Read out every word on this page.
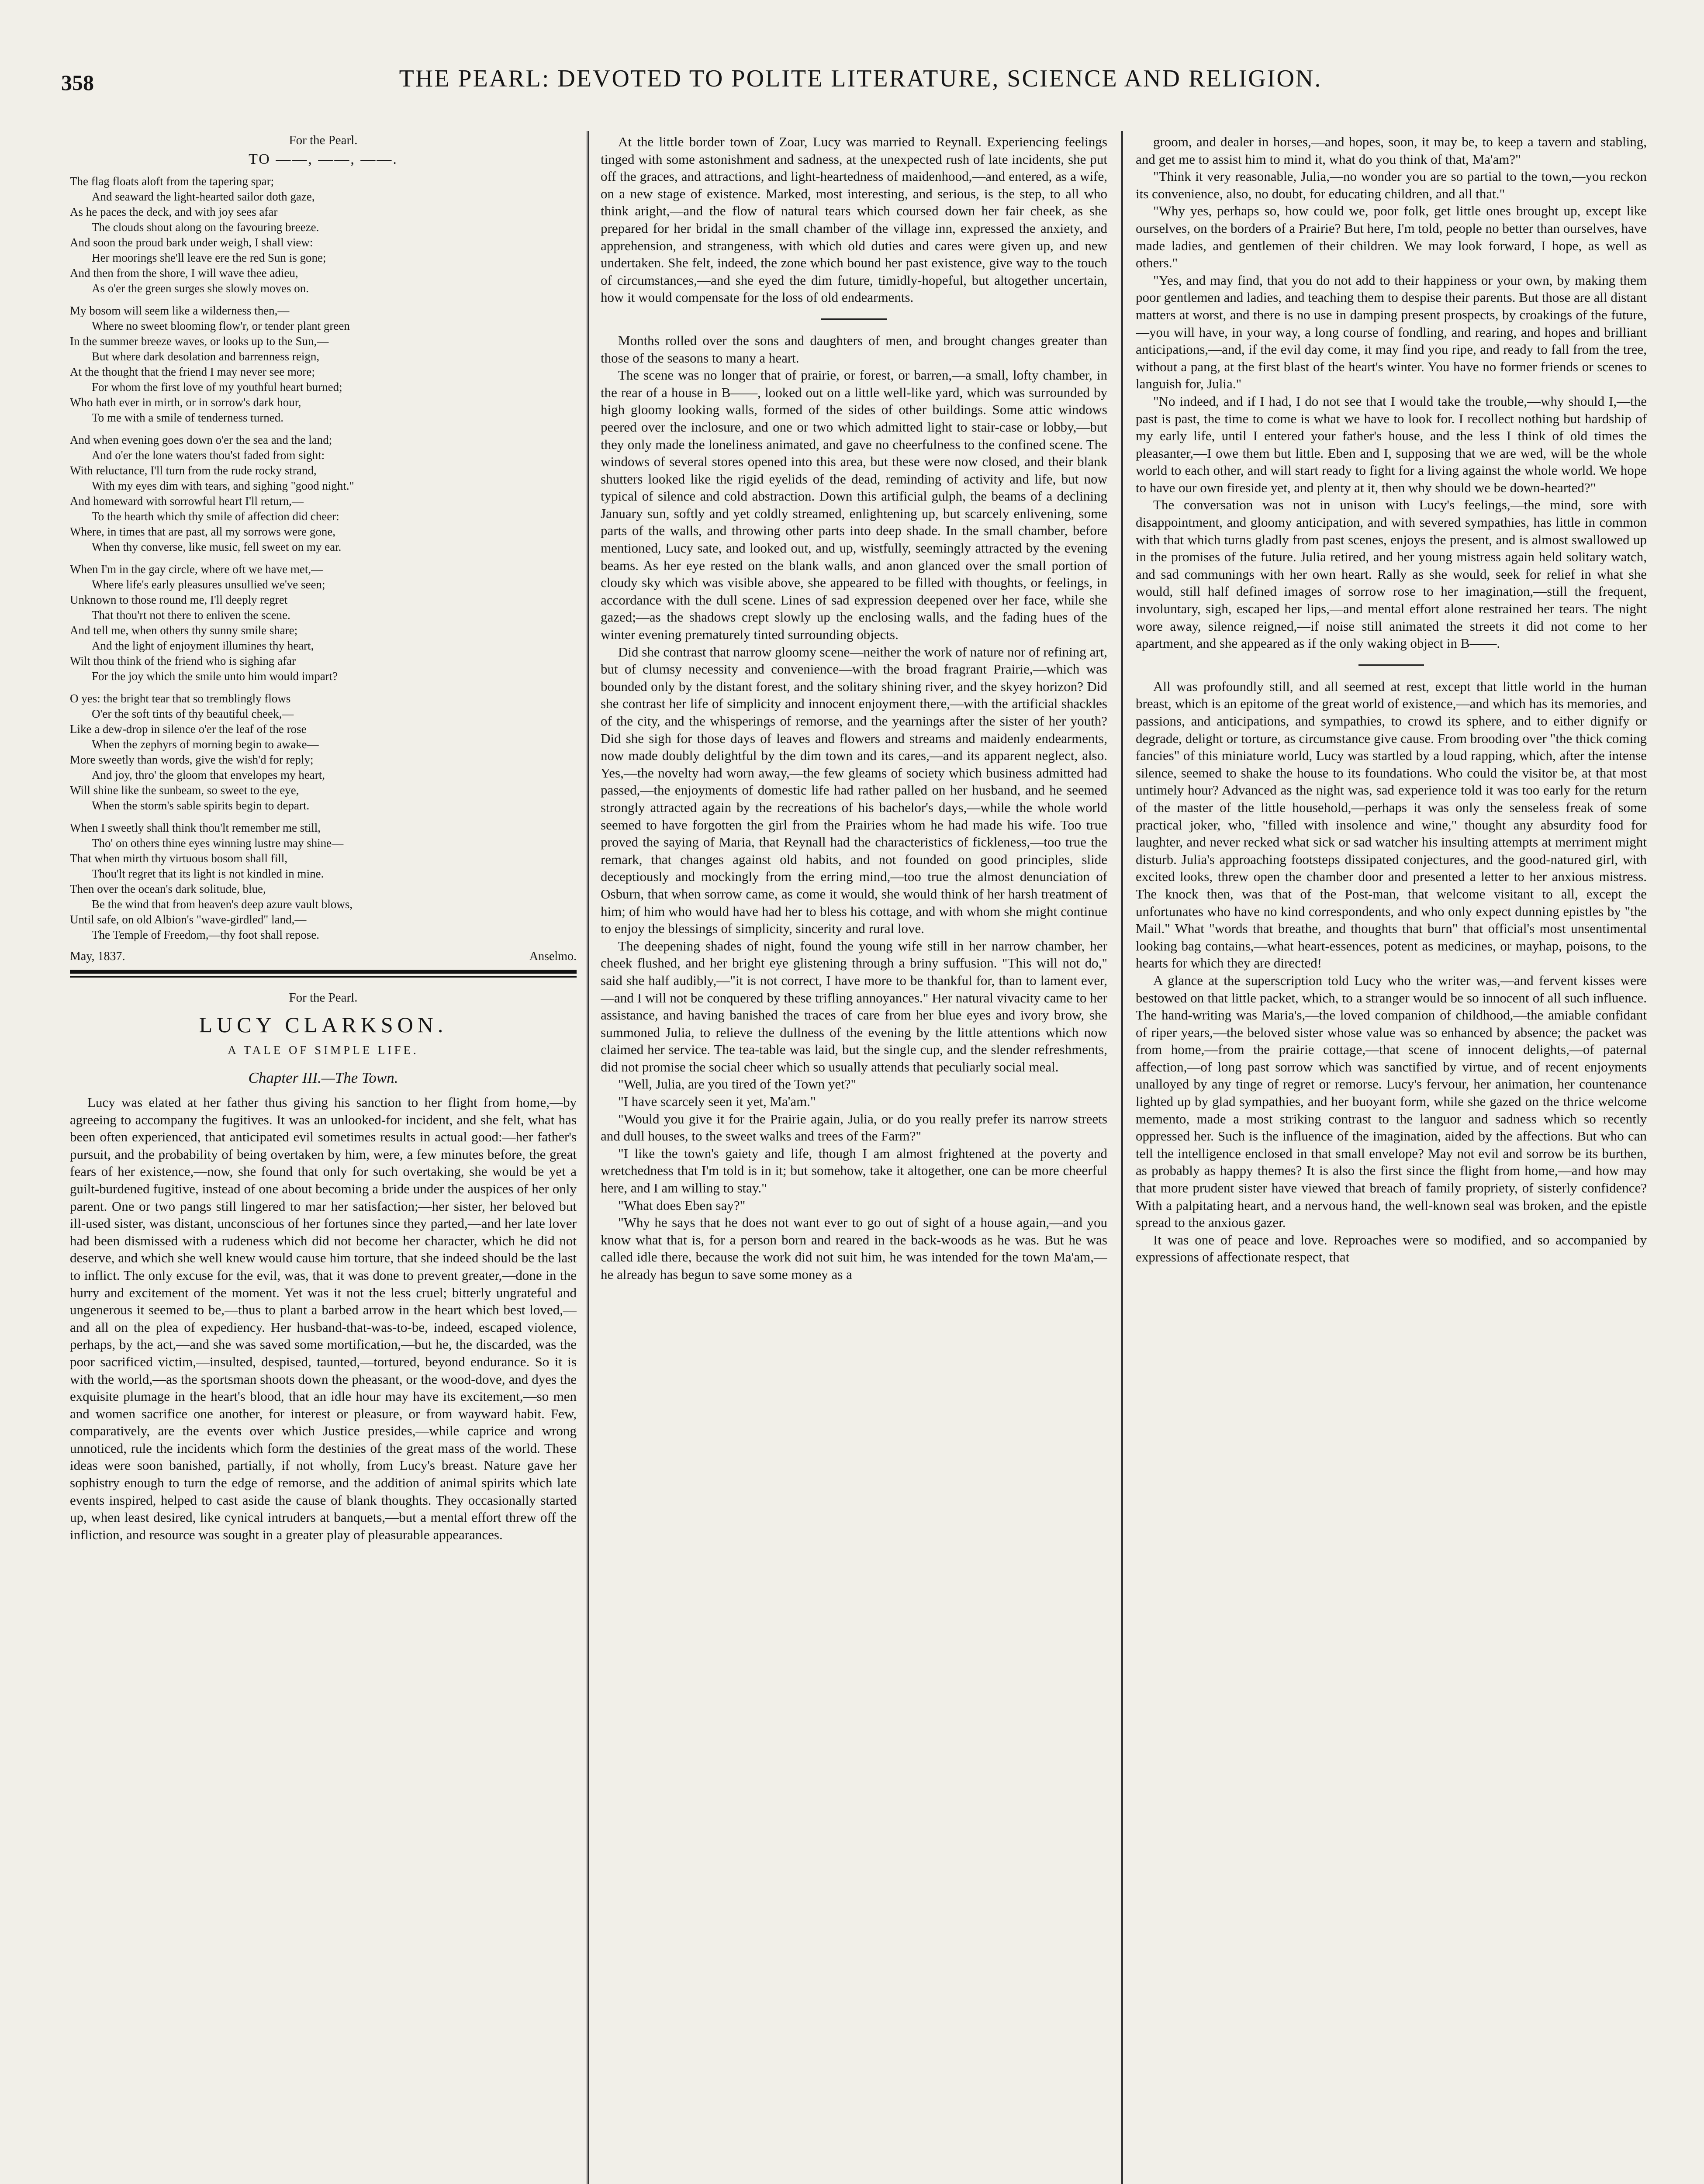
358	THE PEARL: DEVOTED TO POLITE LITERATURE, SCIENCE AND RELIGION.
For the Pearl.
TO ——, ——, ——.
The flag floats aloft from the tapering spar;
And seaward the light-hearted sailor doth gaze,
As he paces the deck, and with joy sees afar
The clouds shout along on the favouring breeze.
And soon the proud bark under weigh, I shall view:
Her moorings she'll leave ere the red Sun is gone;
And then from the shore, I will wave thee adieu,
As o'er the green surges she slowly moves on.
My bosom will seem like a wilderness then,—
Where no sweet blooming flow'r, or tender plant green
In the summer breeze waves, or looks up to the Sun,—
But where dark desolation and barrenness reign,
At the thought that the friend I may never see more;
For whom the first love of my youthful heart burned;
Who hath ever in mirth, or in sorrow's dark hour,
To me with a smile of tenderness turned.
And when evening goes down o'er the sea and the land;
And o'er the lone waters thou'st faded from sight:
With reluctance, I'll turn from the rude rocky strand,
With my eyes dim with tears, and sighing "good night."
And homeward with sorrowful heart I'll return,—
To the hearth which thy smile of affection did cheer:
Where, in times that are past, all my sorrows were gone,
When thy converse, like music, fell sweet on my ear.
When I'm in the gay circle, where oft we have met,—
Where life's early pleasures unsullied we've seen;
Unknown to those round me, I'll deeply regret
That thou'rt not there to enliven the scene.
And tell me, when others thy sunny smile share;
And the light of enjoyment illumines thy heart,
Wilt thou think of the friend who is sighing afar
For the joy which the smile unto him would impart?
O yes: the bright tear that so tremblingly flows
O'er the soft tints of thy beautiful cheek,—
Like a dew-drop in silence o'er the leaf of the rose
When the zephyrs of morning begin to awake—
More sweetly than words, give the wish'd for reply;
And joy, thro' the gloom that envelopes my heart,
Will shine like the sunbeam, so sweet to the eye,
When the storm's sable spirits begin to depart.
When I sweetly shall think thou'lt remember me still,
Tho' on others thine eyes winning lustre may shine—
That when mirth thy virtuous bosom shall fill,
Thou'lt regret that its light is not kindled in mine.
Then over the ocean's dark solitude, blue,
Be the wind that from heaven's deep azure vault blows,
Until safe, on old Albion's "wave-girdled" land,—
The Temple of Freedom,—thy foot shall repose.
May, 1837.	Anselmo.
For the Pearl.
LUCY CLARKSON.
A TALE OF SIMPLE LIFE.
Chapter III.—The Town.

Lucy was elated at her father thus giving his sanction to her flight from home,—by agreeing to accompany the fugitives. It was an unlooked-for incident, and she felt, what has been often experienced, that anticipated evil sometimes results in actual good:—her father's pursuit, and the probability of being overtaken by him, were, a few minutes before, the great fears of her existence,—now, she found that only for such overtaking, she would be yet a guilt-burdened fugitive, instead of one about becoming a bride under the auspices of her only parent. One or two pangs still lingered to mar her satisfaction;—her sister, her beloved but ill-used sister, was distant, unconscious of her fortunes since they parted,—and her late lover had been dismissed with a rudeness which did not become her character, which he did not deserve, and which she well knew would cause him torture, that she indeed should be the last to inflict. The only excuse for the evil, was, that it was done to prevent greater,—done in the hurry and excitement of the moment. Yet was it not the less cruel; bitterly ungrateful and ungenerous it seemed to be,—thus to plant a barbed arrow in the heart which best loved,—and all on the plea of expediency. Her husband-that-was-to-be, indeed, escaped violence, perhaps, by the act,—and she was saved some mortification,—but he, the discarded, was the poor sacrificed victim,—insulted, despised, taunted,—tortured, beyond endurance. So it is with the world,—as the sportsman shoots down the pheasant, or the wood-dove, and dyes the exquisite plumage in the heart's blood, that an idle hour may have its excitement,—so men and women sacrifice one another, for interest or pleasure, or from wayward habit. Few, comparatively, are the events over which Justice presides,—while caprice and wrong unnoticed, rule the incidents which form the destinies of the great mass of the world. These ideas were soon banished, partially, if not wholly, from Lucy's breast. Nature gave her sophistry enough to turn the edge of remorse, and the addition of animal spirits which late events inspired, helped to cast aside the cause of blank thoughts. They occasionally started up, when least desired, like cynical intruders at banquets,—but a mental effort threw off the infliction, and resource was sought in a greater play of pleasurable appearances.

At the little border town of Zoar, Lucy was married to Reynall. Experiencing feelings tinged with some astonishment and sadness, at the unexpected rush of late incidents, she put off the graces, and attractions, and light-heartedness of maidenhood,—and entered, as a wife, on a new stage of existence. Marked, most interesting, and serious, is the step, to all who think aright,—and the flow of natural tears which coursed down her fair cheek, as she prepared for her bridal in the small chamber of the village inn, expressed the anxiety, and apprehension, and strangeness, with which old duties and cares were given up, and new undertaken. She felt, indeed, the zone which bound her past existence, give way to the touch of circumstances,—and she eyed the dim future, timidly-hopeful, but altogether uncertain, how it would compensate for the loss of old endearments.

Months rolled over the sons and daughters of men, and brought changes greater than those of the seasons to many a heart.

The scene was no longer that of prairie, or forest, or barren,—a small, lofty chamber, in the rear of a house in B——, looked out on a little well-like yard, which was surrounded by high gloomy looking walls, formed of the sides of other buildings. Some attic windows peered over the inclosure, and one or two which admitted light to stair-case or lobby,—but they only made the loneliness animated, and gave no cheerfulness to the confined scene. The windows of several stores opened into this area, but these were now closed, and their blank shutters looked like the rigid eyelids of the dead, reminding of activity and life, but now typical of silence and cold abstraction. Down this artificial gulph, the beams of a declining January sun, softly and yet coldly streamed, enlightening up, but scarcely enlivening, some parts of the walls, and throwing other parts into deep shade. In the small chamber, before mentioned, Lucy sate, and looked out, and up, wistfully, seemingly attracted by the evening beams. As her eye rested on the blank walls, and anon glanced over the small portion of cloudy sky which was visible above, she appeared to be filled with thoughts, or feelings, in accordance with the dull scene. Lines of sad expression deepened over her face, while she gazed;—as the shadows crept slowly up the enclosing walls, and the fading hues of the winter evening prematurely tinted surrounding objects.

Did she contrast that narrow gloomy scene—neither the work of nature nor of refining art, but of clumsy necessity and convenience—with the broad fragrant Prairie,—which was bounded only by the distant forest, and the solitary shining river, and the skyey horizon? Did she contrast her life of simplicity and innocent enjoyment there,—with the artificial shackles of the city, and the whisperings of remorse, and the yearnings after the sister of her youth? Did she sigh for those days of leaves and flowers and streams and maidenly endearments, now made doubly delightful by the dim town and its cares,—and its apparent neglect, also. Yes,—the novelty had worn away,—the few gleams of society which business admitted had passed,—the enjoyments of domestic life had rather palled on her husband, and he seemed strongly attracted again by the recreations of his bachelor's days,—while the whole world seemed to have forgotten the girl from the Prairies whom he had made his wife. Too true proved the saying of Maria, that Reynall had the characteristics of fickleness,—too true the remark, that changes against old habits, and not founded on good principles, slide deceptiously and mockingly from the erring mind,—too true the almost denunciation of Osburn, that when sorrow came, as come it would, she would think of her harsh treatment of him; of him who would have had her to bless his cottage, and with whom she might continue to enjoy the blessings of simplicity, sincerity and rural love.

The deepening shades of night, found the young wife still in her narrow chamber, her cheek flushed, and her bright eye glistening through a briny suffusion. "This will not do," said she half audibly,—"it is not correct, I have more to be thankful for, than to lament ever,—and I will not be conquered by these trifling annoyances." Her natural vivacity came to her assistance, and having banished the traces of care from her blue eyes and ivory brow, she summoned Julia, to relieve the dullness of the evening by the little attentions which now claimed her service. The tea-table was laid, but the single cup, and the slender refreshments, did not promise the social cheer which so usually attends that peculiarly social meal.

"Well, Julia, are you tired of the Town yet?"

"I have scarcely seen it yet, Ma'am."

"Would you give it for the Prairie again, Julia, or do you really prefer its narrow streets and dull houses, to the sweet walks and trees of the Farm?"

"I like the town's gaiety and life, though I am almost frightened at the poverty and wretchedness that I'm told is in it; but somehow, take it altogether, one can be more cheerful here, and I am willing to stay."

"What does Eben say?"

"Why he says that he does not want ever to go out of sight of a house again,—and you know what that is, for a person born and reared in the back-woods as he was. But he was called idle there, because the work did not suit him, he was intended for the town Ma'am,—he already has begun to save some money as a

groom, and dealer in horses,—and hopes, soon, it may be, to keep a tavern and stabling, and get me to assist him to mind it, what do you think of that, Ma'am?"

"Think it very reasonable, Julia,—no wonder you are so partial to the town,—you reckon its convenience, also, no doubt, for educating children, and all that."

"Why yes, perhaps so, how could we, poor folk, get little ones brought up, except like ourselves, on the borders of a Prairie? But here, I'm told, people no better than ourselves, have made ladies, and gentlemen of their children. We may look forward, I hope, as well as others."

"Yes, and may find, that you do not add to their happiness or your own, by making them poor gentlemen and ladies, and teaching them to despise their parents. But those are all distant matters at worst, and there is no use in damping present prospects, by croakings of the future,—you will have, in your way, a long course of fondling, and rearing, and hopes and brilliant anticipations,—and, if the evil day come, it may find you ripe, and ready to fall from the tree, without a pang, at the first blast of the heart's winter. You have no former friends or scenes to languish for, Julia."

"No indeed, and if I had, I do not see that I would take the trouble,—why should I,—the past is past, the time to come is what we have to look for. I recollect nothing but hardship of my early life, until I entered your father's house, and the less I think of old times the pleasanter,—I owe them but little. Eben and I, supposing that we are wed, will be the whole world to each other, and will start ready to fight for a living against the whole world. We hope to have our own fireside yet, and plenty at it, then why should we be down-hearted?"

The conversation was not in unison with Lucy's feelings,—the mind, sore with disappointment, and gloomy anticipation, and with severed sympathies, has little in common with that which turns gladly from past scenes, enjoys the present, and is almost swallowed up in the promises of the future. Julia retired, and her young mistress again held solitary watch, and sad communings with her own heart. Rally as she would, seek for relief in what she would, still half defined images of sorrow rose to her imagination,—still the frequent, involuntary, sigh, escaped her lips,—and mental effort alone restrained her tears. The night wore away, silence reigned,—if noise still animated the streets it did not come to her apartment, and she appeared as if the only waking object in B——.

All was profoundly still, and all seemed at rest, except that little world in the human breast, which is an epitome of the great world of existence,—and which has its memories, and passions, and anticipations, and sympathies, to crowd its sphere, and to either dignify or degrade, delight or torture, as circumstance give cause. From brooding over "the thick coming fancies" of this miniature world, Lucy was startled by a loud rapping, which, after the intense silence, seemed to shake the house to its foundations. Who could the visitor be, at that most untimely hour? Advanced as the night was, sad experience told it was too early for the return of the master of the little household,—perhaps it was only the senseless freak of some practical joker, who, "filled with insolence and wine," thought any absurdity food for laughter, and never recked what sick or sad watcher his insulting attempts at merriment might disturb. Julia's approaching footsteps dissipated conjectures, and the good-natured girl, with excited looks, threw open the chamber door and presented a letter to her anxious mistress. The knock then, was that of the Post-man, that welcome visitant to all, except the unfortunates who have no kind correspondents, and who only expect dunning epistles by "the Mail." What "words that breathe, and thoughts that burn" that official's most unsentimental looking bag contains,—what heart-essences, potent as medicines, or mayhap, poisons, to the hearts for which they are directed!

A glance at the superscription told Lucy who the writer was,—and fervent kisses were bestowed on that little packet, which, to a stranger would be so innocent of all such influence. The hand-writing was Maria's,—the loved companion of childhood,—the amiable confidant of riper years,—the beloved sister whose value was so enhanced by absence; the packet was from home,—from the prairie cottage,—that scene of innocent delights,—of paternal affection,—of long past sorrow which was sanctified by virtue, and of recent enjoyments unalloyed by any tinge of regret or remorse. Lucy's fervour, her animation, her countenance lighted up by glad sympathies, and her buoyant form, while she gazed on the thrice welcome memento, made a most striking contrast to the languor and sadness which so recently oppressed her. Such is the influence of the imagination, aided by the affections. But who can tell the intelligence enclosed in that small envelope? May not evil and sorrow be its burthen, as probably as happy themes? It is also the first since the flight from home,—and how may that more prudent sister have viewed that breach of family propriety, of sisterly confidence? With a palpitating heart, and a nervous hand, the well-known seal was broken, and the epistle spread to the anxious gazer.

It was one of peace and love. Reproaches were so modified, and so accompanied by expressions of affectionate respect, that
